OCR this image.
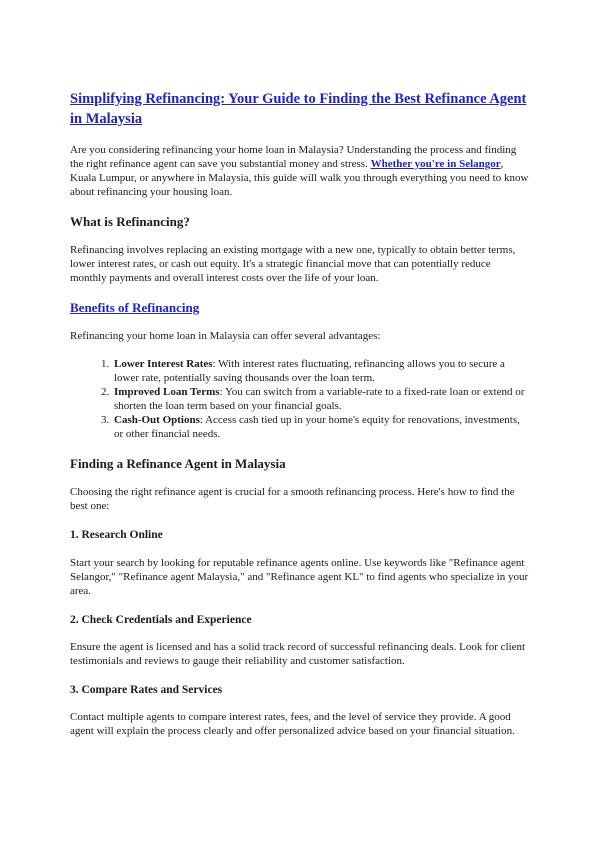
Simplifying Refinancing: Your Guide to Finding the Best Refinance Agent in Malaysia

Are you considering refinancing your home loan in Malaysia? Understanding the process and finding the right refinance agent can save you substantial money and stress. Whether you're in Selangor, Kuala Lumpur, or anywhere in Malaysia, this guide will walk you through everything you need to know about refinancing your housing loan.

What is Refinancing?

Refinancing involves replacing an existing mortgage with a new one, typically to obtain better terms, lower interest rates, or cash out equity. It's a strategic financial move that can potentially reduce monthly payments and overall interest costs over the life of your loan.

Benefits of Refinancing

Refinancing your home loan in Malaysia can offer several advantages:

1. Lower Interest Rates: With interest rates fluctuating, refinancing allows you to secure a lower rate, potentially saving thousands over the loan term.
2. Improved Loan Terms: You can switch from a variable-rate to a fixed-rate loan or extend or shorten the loan term based on your financial goals.
3. Cash-Out Options: Access cash tied up in your home's equity for renovations, investments, or other financial needs.
Finding a Refinance Agent in Malaysia

Choosing the right refinance agent is crucial for a smooth refinancing process. Here's how to find the best one:

1. Research Online

Start your search by looking for reputable refinance agents online. Use keywords like "Refinance agent Selangor," "Refinance agent Malaysia," and "Refinance agent KL" to find agents who specialize in your area.

2. Check Credentials and Experience

Ensure the agent is licensed and has a solid track record of successful refinancing deals. Look for client testimonials and reviews to gauge their reliability and customer satisfaction.

3. Compare Rates and Services

Contact multiple agents to compare interest rates, fees, and the level of service they provide. A good agent will explain the process clearly and offer personalized advice based on your financial situation.
